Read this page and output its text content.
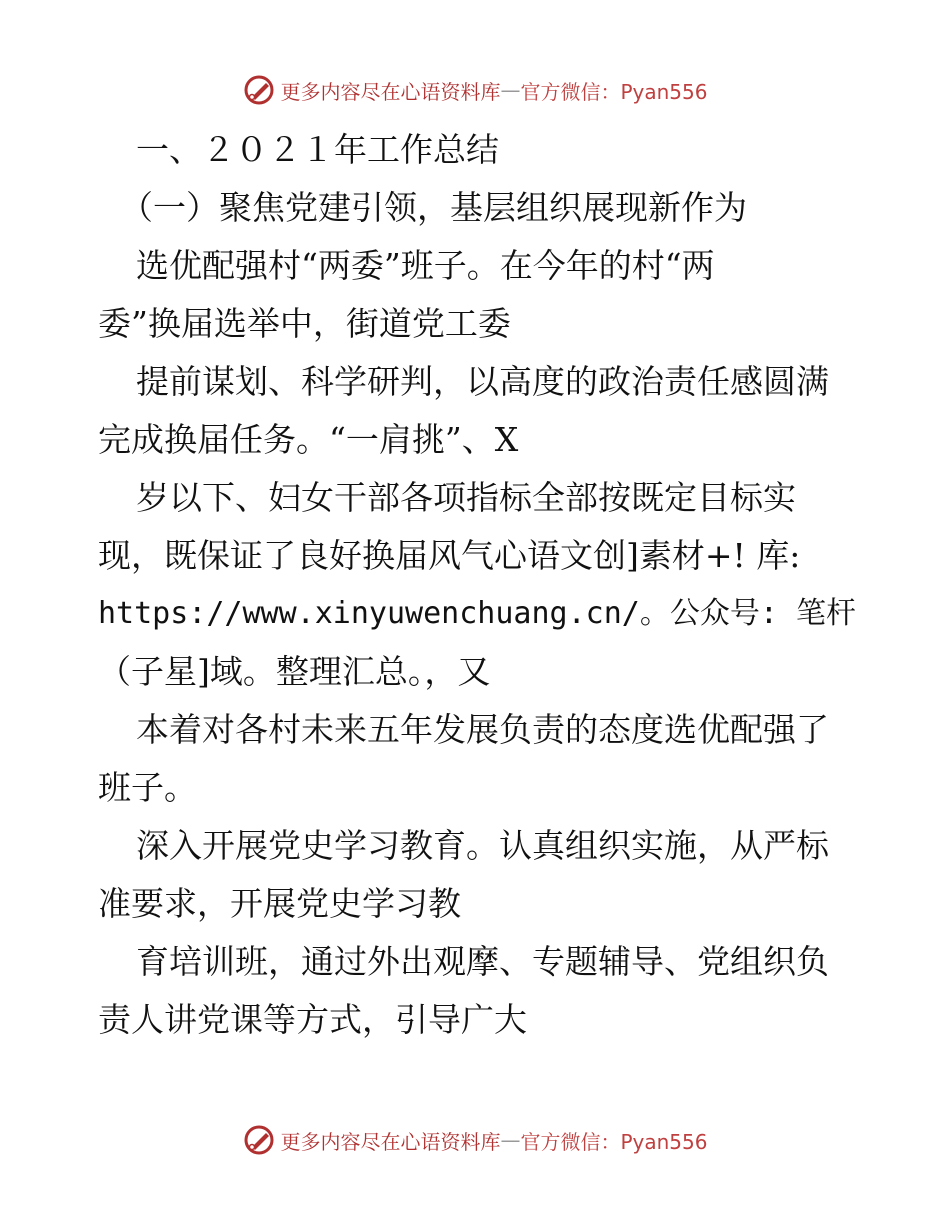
更多内容尽在心语资料库 — 官方微信：Pyan556
一、２０２１年工作总结
（一）聚焦党建引领，基层组织展现新作为
选优配强村“两委”班子。在今年的村“两
委”换届选举中，街道党工委
提前谋划、科学研判，以高度的政治责任感圆满
完成换届任务。“一肩挑”、X
岁以下、妇女干部各项指标全部按既定目标实
现，既保证了良好换届风气心语文创]素材+! 库:
https://www.xinyuwenchuang.cn/。公众号: 笔杆
（子星]域。整理汇总。，又
本着对各村未来五年发展负责的态度选优配强了
班子。
深入开展党史学习教育。认真组织实施，从严标
准要求，开展党史学习教
育培训班，通过外出观摩、专题辅导、党组织负
责人讲党课等方式，引导广大
更多内容尽在心语资料库 — 官方微信：Pyan556
